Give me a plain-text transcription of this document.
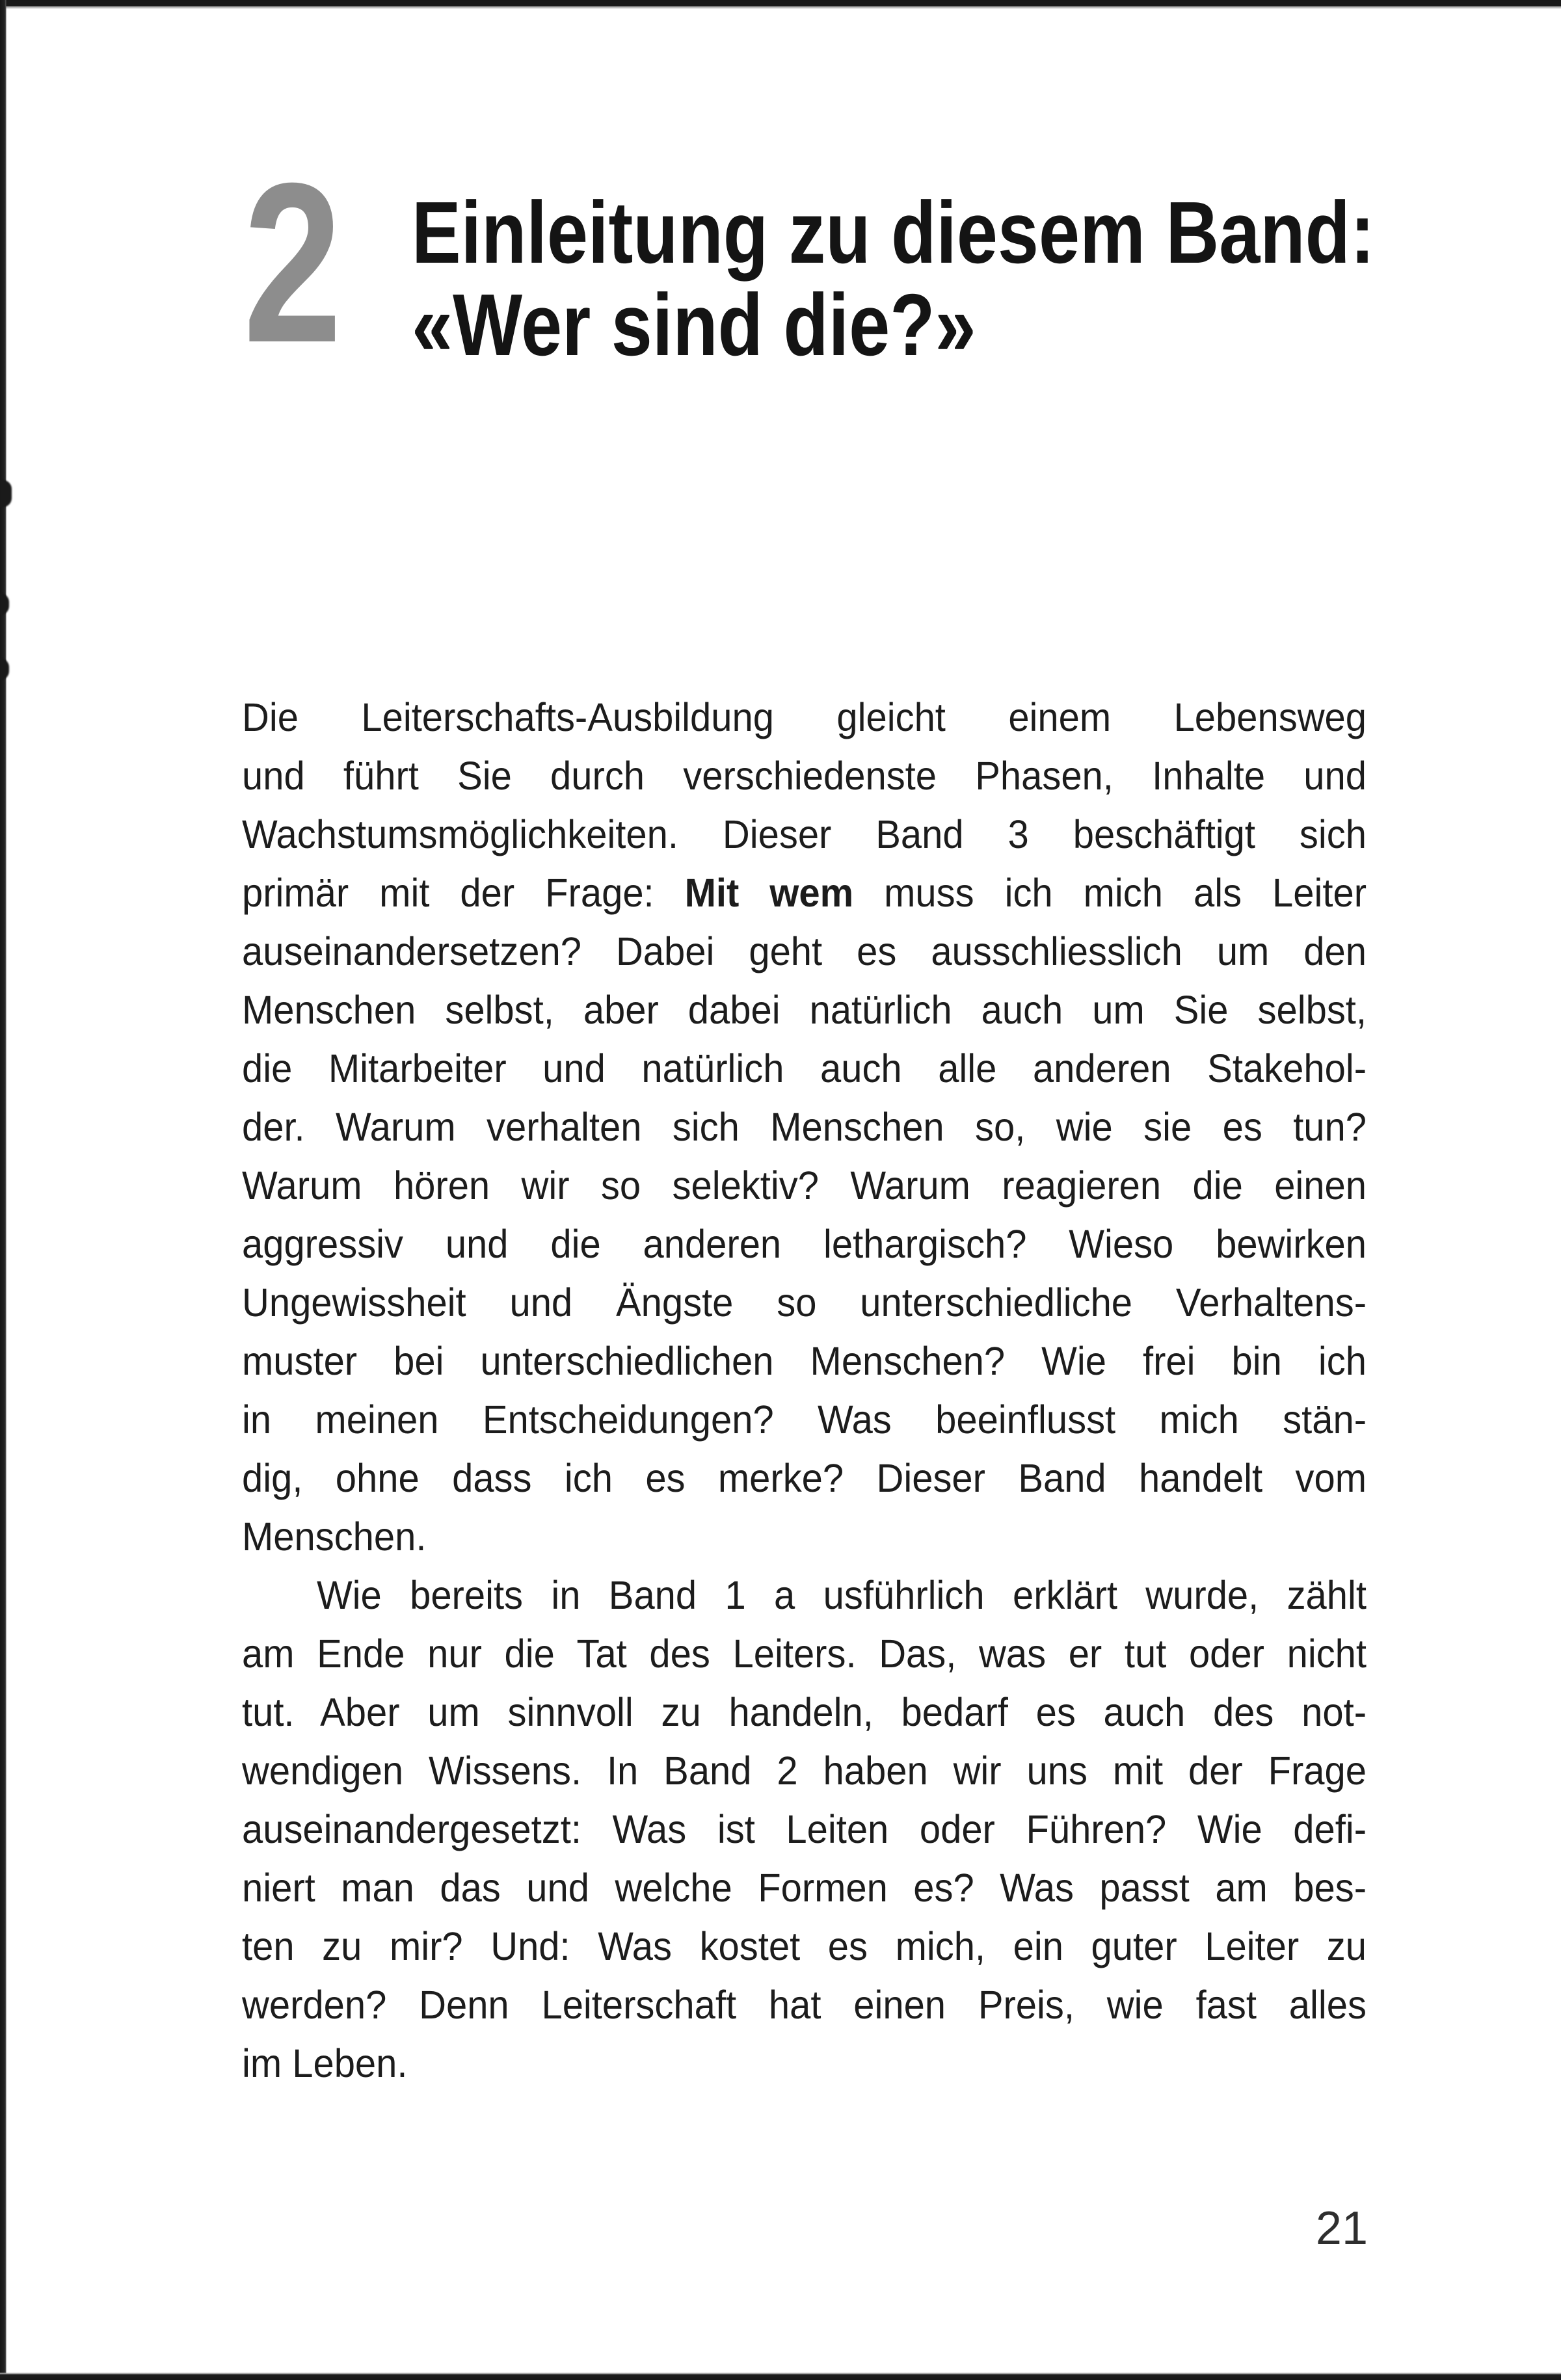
2 Einleitung zu diesem Band:
«Wer sind die?»
Die Leiterschafts-Ausbildung gleicht einem Lebensweg
und führt Sie durch verschiedenste Phasen, Inhalte und
Wachstumsmöglichkeiten. Dieser Band 3 beschäftigt sich
primär mit der Frage: Mit wem muss ich mich als Leiter
auseinandersetzen? Dabei geht es ausschliesslich um den
Menschen selbst, aber dabei natürlich auch um Sie selbst,
die Mitarbeiter und natürlich auch alle anderen Stakehol-
der. Warum verhalten sich Menschen so, wie sie es tun?
Warum hören wir so selektiv? Warum reagieren die einen
aggressiv und die anderen lethargisch? Wieso bewirken
Ungewissheit und Ängste so unterschiedliche Verhaltens-
muster bei unterschiedlichen Menschen? Wie frei bin ich
in meinen Entscheidungen? Was beeinflusst mich stän-
dig, ohne dass ich es merke? Dieser Band handelt vom
Menschen.
Wie bereits in Band 1 a usführlich erklärt wurde, zählt
am Ende nur die Tat des Leiters. Das, was er tut oder nicht
tut. Aber um sinnvoll zu handeln, bedarf es auch des not-
wendigen Wissens. In Band 2 haben wir uns mit der Frage
auseinandergesetzt: Was ist Leiten oder Führen? Wie defi-
niert man das und welche Formen es? Was passt am bes-
ten zu mir? Und: Was kostet es mich, ein guter Leiter zu
werden? Denn Leiterschaft hat einen Preis, wie fast alles
im Leben.
21
